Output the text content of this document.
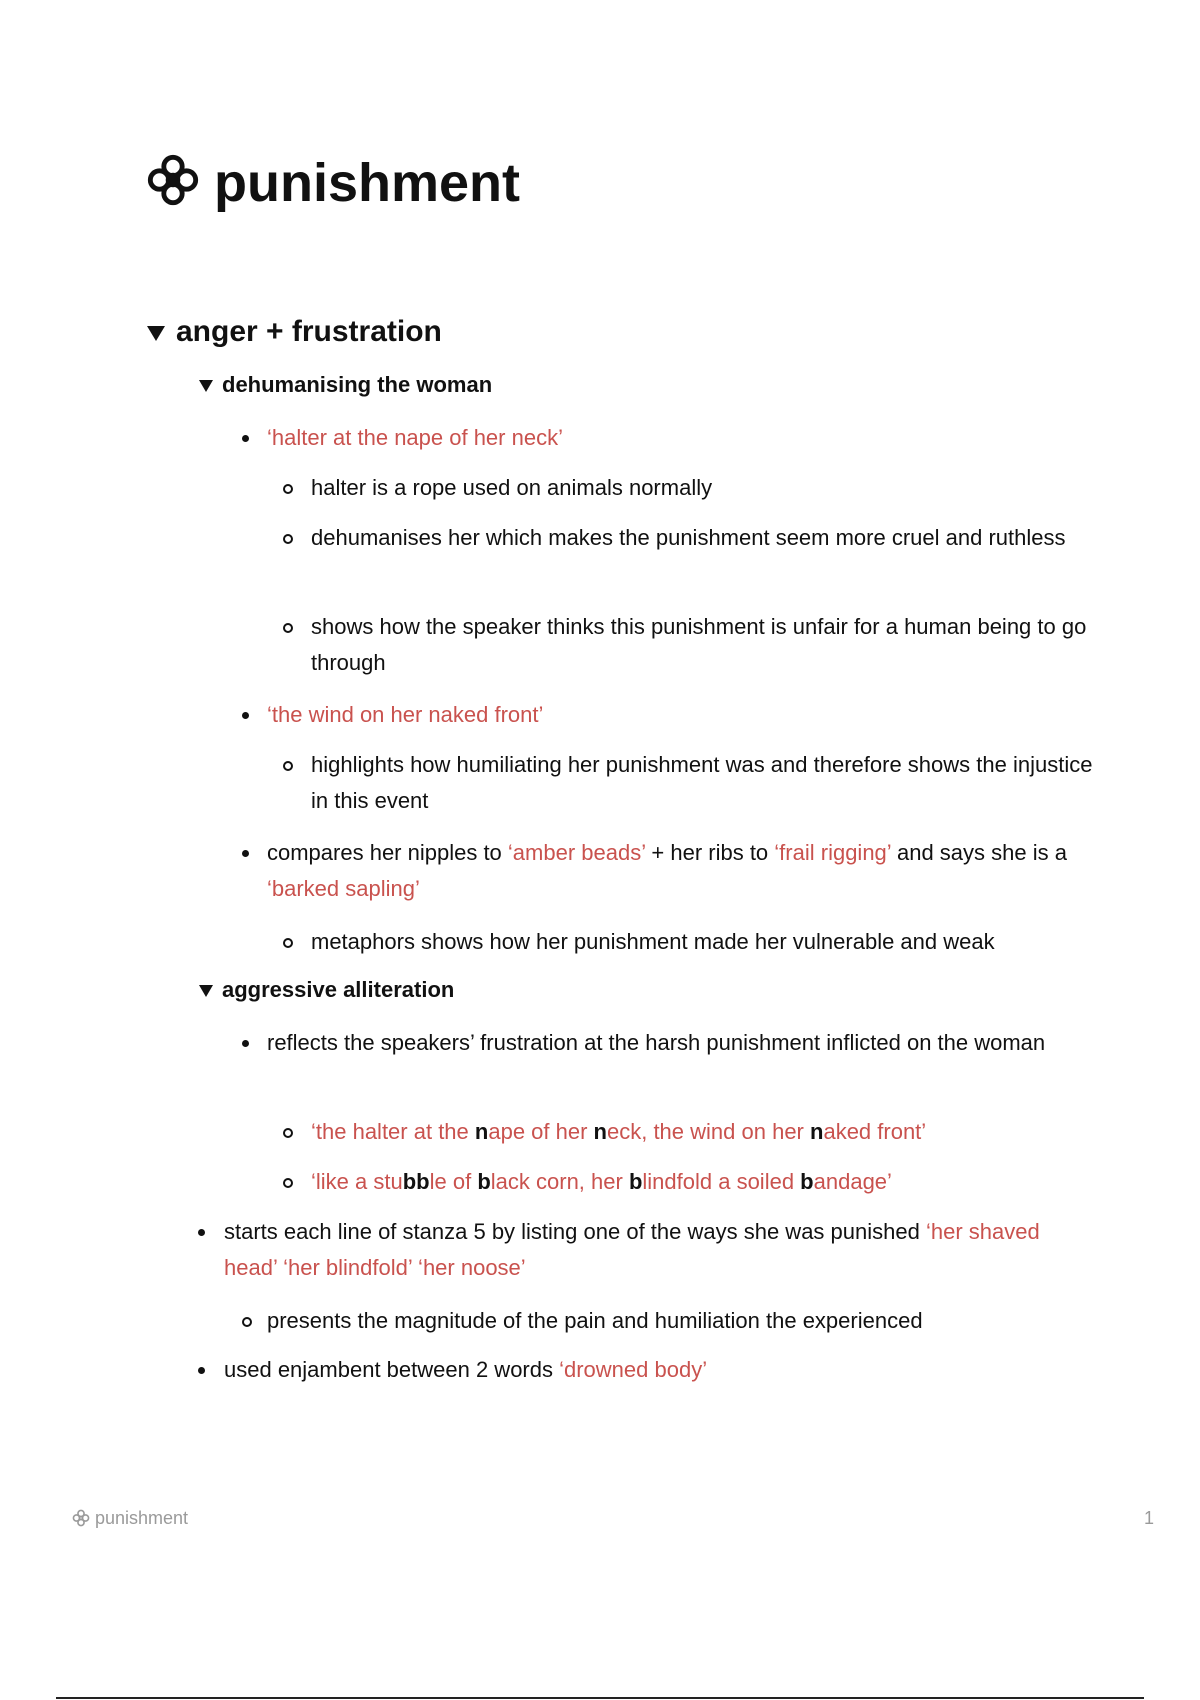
punishment
anger + frustration
dehumanising the woman
‘halter at the nape of her neck’
halter is a rope used on animals normally
dehumanises her which makes the punishment seem more cruel and ruthless
shows how the speaker thinks this punishment is unfair for a human being to go through
‘the wind on her naked front’
highlights how humiliating her punishment was and therefore shows the injustice in this event
compares her nipples to ‘amber beads’ + her ribs to ‘frail rigging’ and says she is a ‘barked sapling’
metaphors shows how her punishment made her vulnerable and weak
aggressive alliteration
reflects the speakers’ frustration at the harsh punishment inflicted on the woman
‘the halter at the nape of her neck, the wind on her naked front’
‘like a stubble of black corn, her blindfold a soiled bandage’
starts each line of stanza 5 by listing one of the ways she was punished ‘her shaved head’ ‘her blindfold’ ‘her noose’
presents the magnitude of the pain and humiliation the experienced
used enjambent between 2 words ‘drowned body’
punishment	1
